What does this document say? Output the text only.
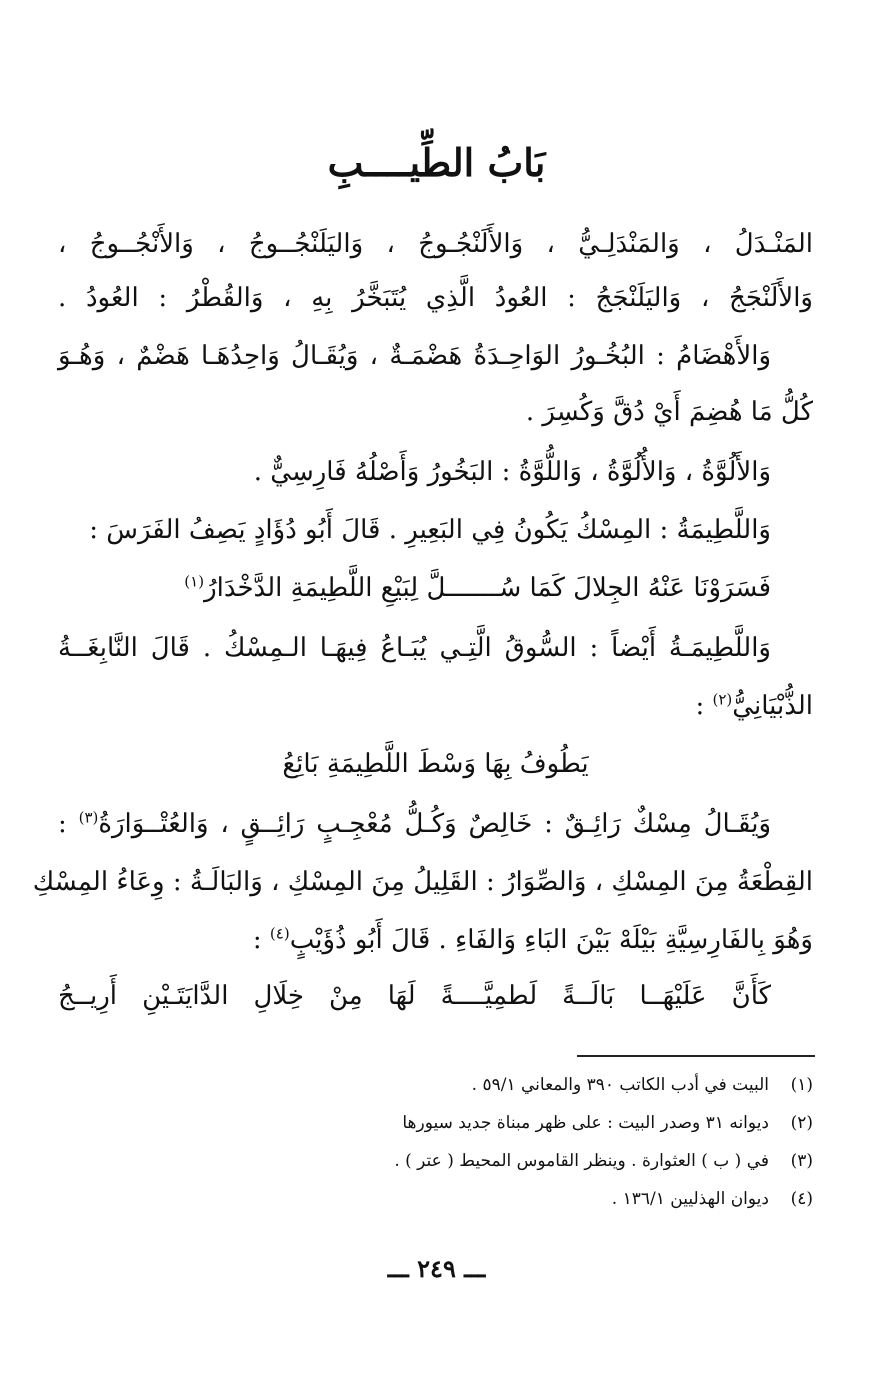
بَابُ الطِّيــــبِ
المَنْـدَلُ ، وَالمَنْدَلِـيُّ ، وَالأَلَنْجُـوجُ ، وَاليَلَنْجُــوجُ ، وَالأَنْجُــوجُ ،
وَالأَلَنْجَجُ ، وَاليَلَنْجَجُ : العُودُ الَّذِي يُتَبَخَّرُ بِهِ ، وَالقُطْرُ : العُودُ .
وَالأَهْضَامُ : البُخُـورُ الوَاحِـدَةُ هَضْمَـةٌ ، وَيُقَـالُ وَاحِدُهَـا هَضْمٌ ، وَهُـوَ
كُلُّ مَا هُضِمَ أَيْ دُقَّ وَكُسِرَ .
وَالأَلُوَّةُ ، وَالأُلُوَّةُ ، وَاللُّوَّةُ : البَخُورُ وَأَصْلُهُ فَارِسِيٌّ .
وَاللَّطِيمَةُ : المِسْكُ يَكُونُ فِي البَعِيرِ . قَالَ أَبُو دُؤَادٍ يَصِفُ الفَرَسَ :
فَسَرَوْنَا عَنْهُ الجِلالَ كَمَا سُـــــــلَّ لِبَيْعِ اللَّطِيمَةِ الدَّخْدَارُ$^{(١)}$
وَاللَّطِيمَـةُ أَيْضاً : السُّوقُ الَّتِـي يُبَـاعُ فِيهَـا الـمِسْكُ . قَالَ النَّابِغَــةُ
الذُّبْيَانِيُّ$^{(٢)}$ :
يَطُوفُ بِهَا وَسْطَ اللَّطِيمَةِ بَائِعُ
وَيُقَـالُ مِسْكٌ رَائِـقٌ : خَالِصٌ وَكُـلُّ مُعْجِـبٍ رَائِــقٍ ، وَالعُتْــوَارَةُ$^{(٣)}$ :
القِطْعَةُ مِنَ المِسْكِ ، وَالصِّوَارُ : القَلِيلُ مِنَ المِسْكِ ، وَالبَالَـةُ : وِعَاءُ المِسْكِ
وَهُوَ بِالفَارِسِيَّةِ بَيْلَهْ بَيْنَ البَاءِ وَالفَاءِ . قَالَ أَبُو ذُؤَيْبٍ$^{(٤)}$ :
كَأَنَّ عَلَيْهَــا بَالَــةً لَطمِيَّــــةً لَهَا مِنْ خِلَالِ الدَّايَتَـيْنِ أَرِيــجُ
(١)البيت في أدب الكاتب ٣٩٠ والمعاني ٥٩/١ .
(٢)ديوانه ٣١ وصدر البيت : على ظهر مبناة جديد سيورها
(٣)في ( ب ) العثوارة . وينظر القاموس المحيط ( عتر ) .
(٤)ديوان الهذليين ١٣٦/١ .
ـــ ٢٤٩ ـــ
